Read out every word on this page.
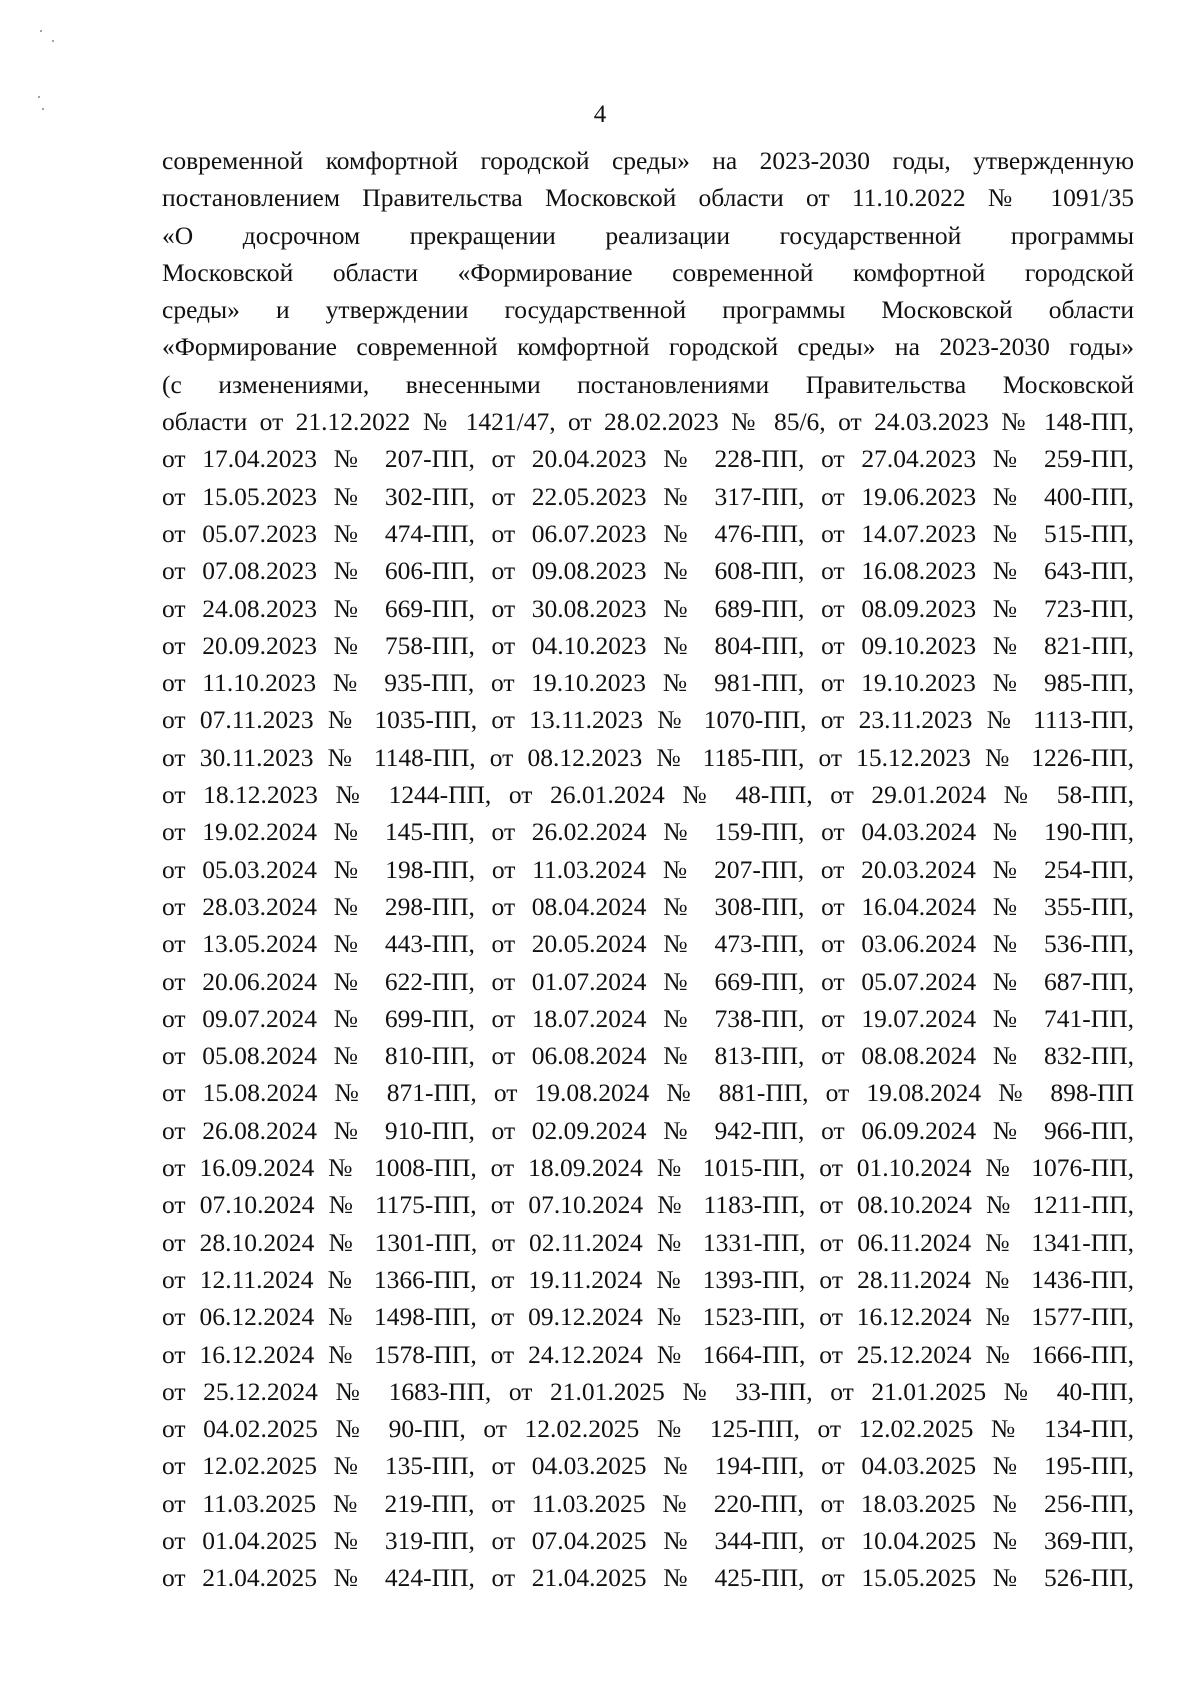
4
современной комфортной городской среды» на 2023-2030 годы, утвержденную
постановлением Правительства Московской области от 11.10.2022 № 1091/35
«О досрочном прекращении реализации государственной программы
Московской области «Формирование современной комфортной городской
среды» и утверждении государственной программы Московской области
«Формирование современной комфортной городской среды» на 2023-2030 годы»
(с изменениями, внесенными постановлениями Правительства Московской
области от 21.12.2022 № 1421/47, от 28.02.2023 № 85/6, от 24.03.2023 № 148-ПП,
от 17.04.2023 № 207-ПП, от 20.04.2023 № 228-ПП, от 27.04.2023 № 259-ПП,
от 15.05.2023 № 302-ПП, от 22.05.2023 № 317-ПП, от 19.06.2023 № 400-ПП,
от 05.07.2023 № 474-ПП, от 06.07.2023 № 476-ПП, от 14.07.2023 № 515-ПП,
от 07.08.2023 № 606-ПП, от 09.08.2023 № 608-ПП, от 16.08.2023 № 643-ПП,
от 24.08.2023 № 669-ПП, от 30.08.2023 № 689-ПП, от 08.09.2023 № 723-ПП,
от 20.09.2023 № 758-ПП, от 04.10.2023 № 804-ПП, от 09.10.2023 № 821-ПП,
от 11.10.2023 № 935-ПП, от 19.10.2023 № 981-ПП, от 19.10.2023 № 985-ПП,
от 07.11.2023 № 1035-ПП, от 13.11.2023 № 1070-ПП, от 23.11.2023 № 1113-ПП,
от 30.11.2023 № 1148-ПП, от 08.12.2023 № 1185-ПП, от 15.12.2023 № 1226-ПП,
от 18.12.2023 № 1244-ПП, от 26.01.2024 № 48-ПП, от 29.01.2024 № 58-ПП,
от 19.02.2024 № 145-ПП, от 26.02.2024 № 159-ПП, от 04.03.2024 № 190-ПП,
от 05.03.2024 № 198-ПП, от 11.03.2024 № 207-ПП, от 20.03.2024 № 254-ПП,
от 28.03.2024 № 298-ПП, от 08.04.2024 № 308-ПП, от 16.04.2024 № 355-ПП,
от 13.05.2024 № 443-ПП, от 20.05.2024 № 473-ПП, от 03.06.2024 № 536-ПП,
от 20.06.2024 № 622-ПП, от 01.07.2024 № 669-ПП, от 05.07.2024 № 687-ПП,
от 09.07.2024 № 699-ПП, от 18.07.2024 № 738-ПП, от 19.07.2024 № 741-ПП,
от 05.08.2024 № 810-ПП, от 06.08.2024 № 813-ПП, от 08.08.2024 № 832-ПП,
от 15.08.2024 № 871-ПП, от 19.08.2024 № 881-ПП, от 19.08.2024 № 898-ПП
от 26.08.2024 № 910-ПП, от 02.09.2024 № 942-ПП, от 06.09.2024 № 966-ПП,
от 16.09.2024 № 1008-ПП, от 18.09.2024 № 1015-ПП, от 01.10.2024 № 1076-ПП,
от 07.10.2024 № 1175-ПП, от 07.10.2024 № 1183-ПП, от 08.10.2024 № 1211-ПП,
от 28.10.2024 № 1301-ПП, от 02.11.2024 № 1331-ПП, от 06.11.2024 № 1341-ПП,
от 12.11.2024 № 1366-ПП, от 19.11.2024 № 1393-ПП, от 28.11.2024 № 1436-ПП,
от 06.12.2024 № 1498-ПП, от 09.12.2024 № 1523-ПП, от 16.12.2024 № 1577-ПП,
от 16.12.2024 № 1578-ПП, от 24.12.2024 № 1664-ПП, от 25.12.2024 № 1666-ПП,
от 25.12.2024 № 1683-ПП, от 21.01.2025 № 33-ПП, от 21.01.2025 № 40-ПП,
от 04.02.2025 № 90-ПП, от 12.02.2025 № 125-ПП, от 12.02.2025 № 134-ПП,
от 12.02.2025 № 135-ПП, от 04.03.2025 № 194-ПП, от 04.03.2025 № 195-ПП,
от 11.03.2025 № 219-ПП, от 11.03.2025 № 220-ПП, от 18.03.2025 № 256-ПП,
от 01.04.2025 № 319-ПП, от 07.04.2025 № 344-ПП, от 10.04.2025 № 369-ПП,
от 21.04.2025 № 424-ПП, от 21.04.2025 № 425-ПП, от 15.05.2025 № 526-ПП,
